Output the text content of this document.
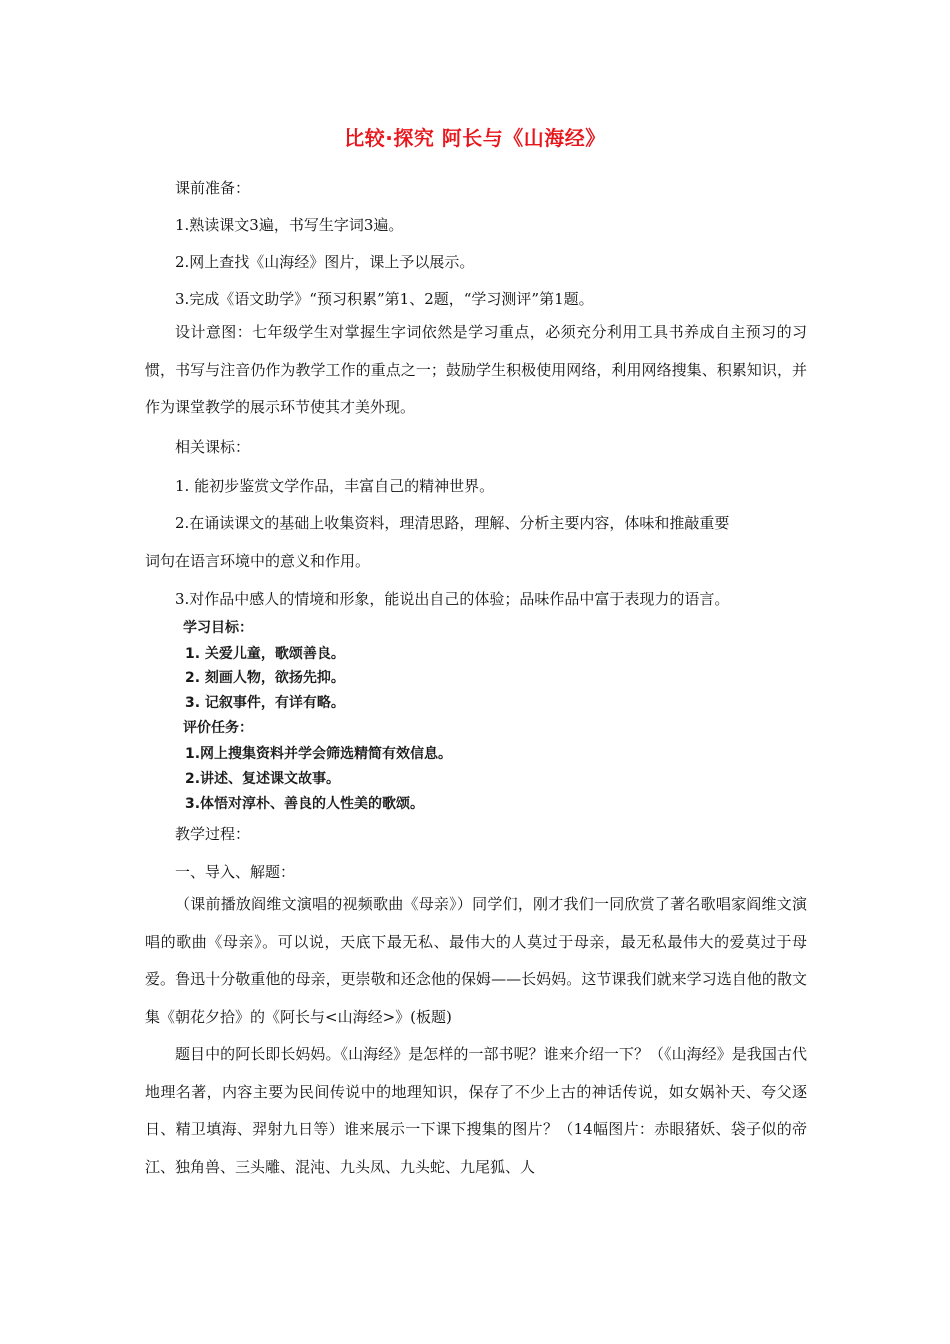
比较·探究 阿长与《山海经》
课前准备：
1.熟读课文3遍，书写生字词3遍。
2.网上查找《山海经》图片，课上予以展示。
3.完成《语文助学》“预习积累”第1、2题，“学习测评”第1题。

设计意图：七年级学生对掌握生字词依然是学习重点，必须充分利用工具书养成自主预习的习惯，书写与注音仍作为教学工作的重点之一；鼓励学生积极使用网络，利用网络搜集、积累知识，并作为课堂教学的展示环节使其才美外现。

相关课标：
1. 能初步鉴赏文学作品，丰富自己的精神世界。
2.在诵读课文的基础上收集资料，理清思路，理解、分析主要内容，体味和推敲重要
词句在语言环境中的意义和作用。
3.对作品中感人的情境和形象，能说出自己的体验；品味作品中富于表现力的语言。
学习目标：
1. 关爱儿童，歌颂善良。
2. 刻画人物，欲扬先抑。
3. 记叙事件，有详有略。
评价任务：
1.网上搜集资料并学会筛选精简有效信息。
2.讲述、复述课文故事。
3.体悟对淳朴、善良的人性美的歌颂。
教学过程：
一、导入、解题：

（课前播放阎维文演唱的视频歌曲《母亲》）同学们，刚才我们一同欣赏了著名歌唱家阎维文演唱的歌曲《母亲》。可以说，天底下最无私、最伟大的人莫过于母亲，最无私最伟大的爱莫过于母爱。鲁迅十分敬重他的母亲，更崇敬和还念他的保姆——长妈妈。这节课我们就来学习选自他的散文集《朝花夕拾》的《阿长与<山海经>》(板题)

题目中的阿长即长妈妈。《山海经》是怎样的一部书呢？谁来介绍一下？（《山海经》是我国古代地理名著，内容主要为民间传说中的地理知识，保存了不少上古的神话传说，如女娲补天、夸父逐日、精卫填海、羿射九日等）谁来展示一下课下搜集的图片？（14幅图片：赤眼猪妖、袋子似的帝江、独角兽、三头雕、混沌、九头凤、九头蛇、九尾狐、人
